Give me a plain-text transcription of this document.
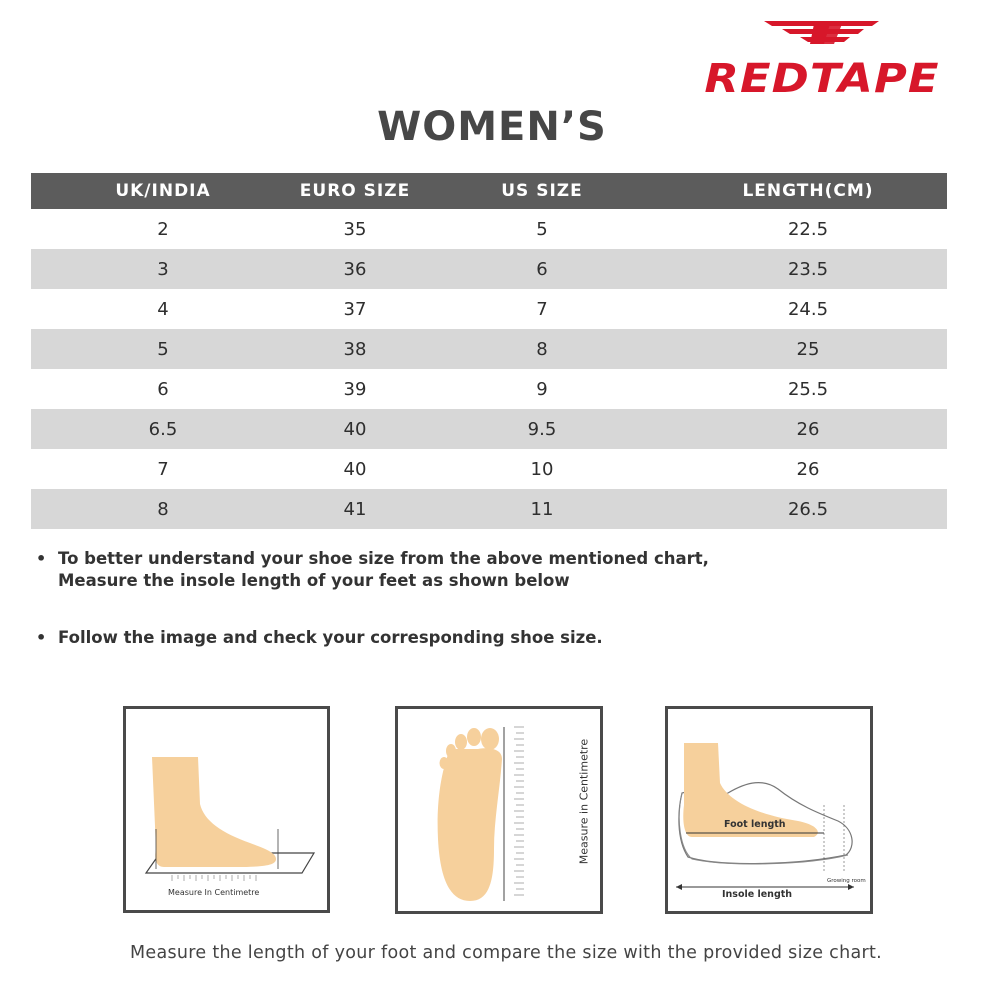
REDTAPE
WOMEN’S
UK/INDIA	EURO SIZE	US SIZE	LENGTH(CM)
2	35	5	22.5
3	36	6	23.5
4	37	7	24.5
5	38	8	25
6	39	9	25.5
6.5	40	9.5	26
7	40	10	26
8	41	11	26.5
• To better understand your shoe size from the above mentioned chart,
Measure the insole length of your feet as shown below
• Follow the image and check your corresponding shoe size.
Measure In Centimetre
Measure in Centimetre	Foot length
Growing room
Insole length
Measure the length of your foot and compare the size with the provided size chart.
